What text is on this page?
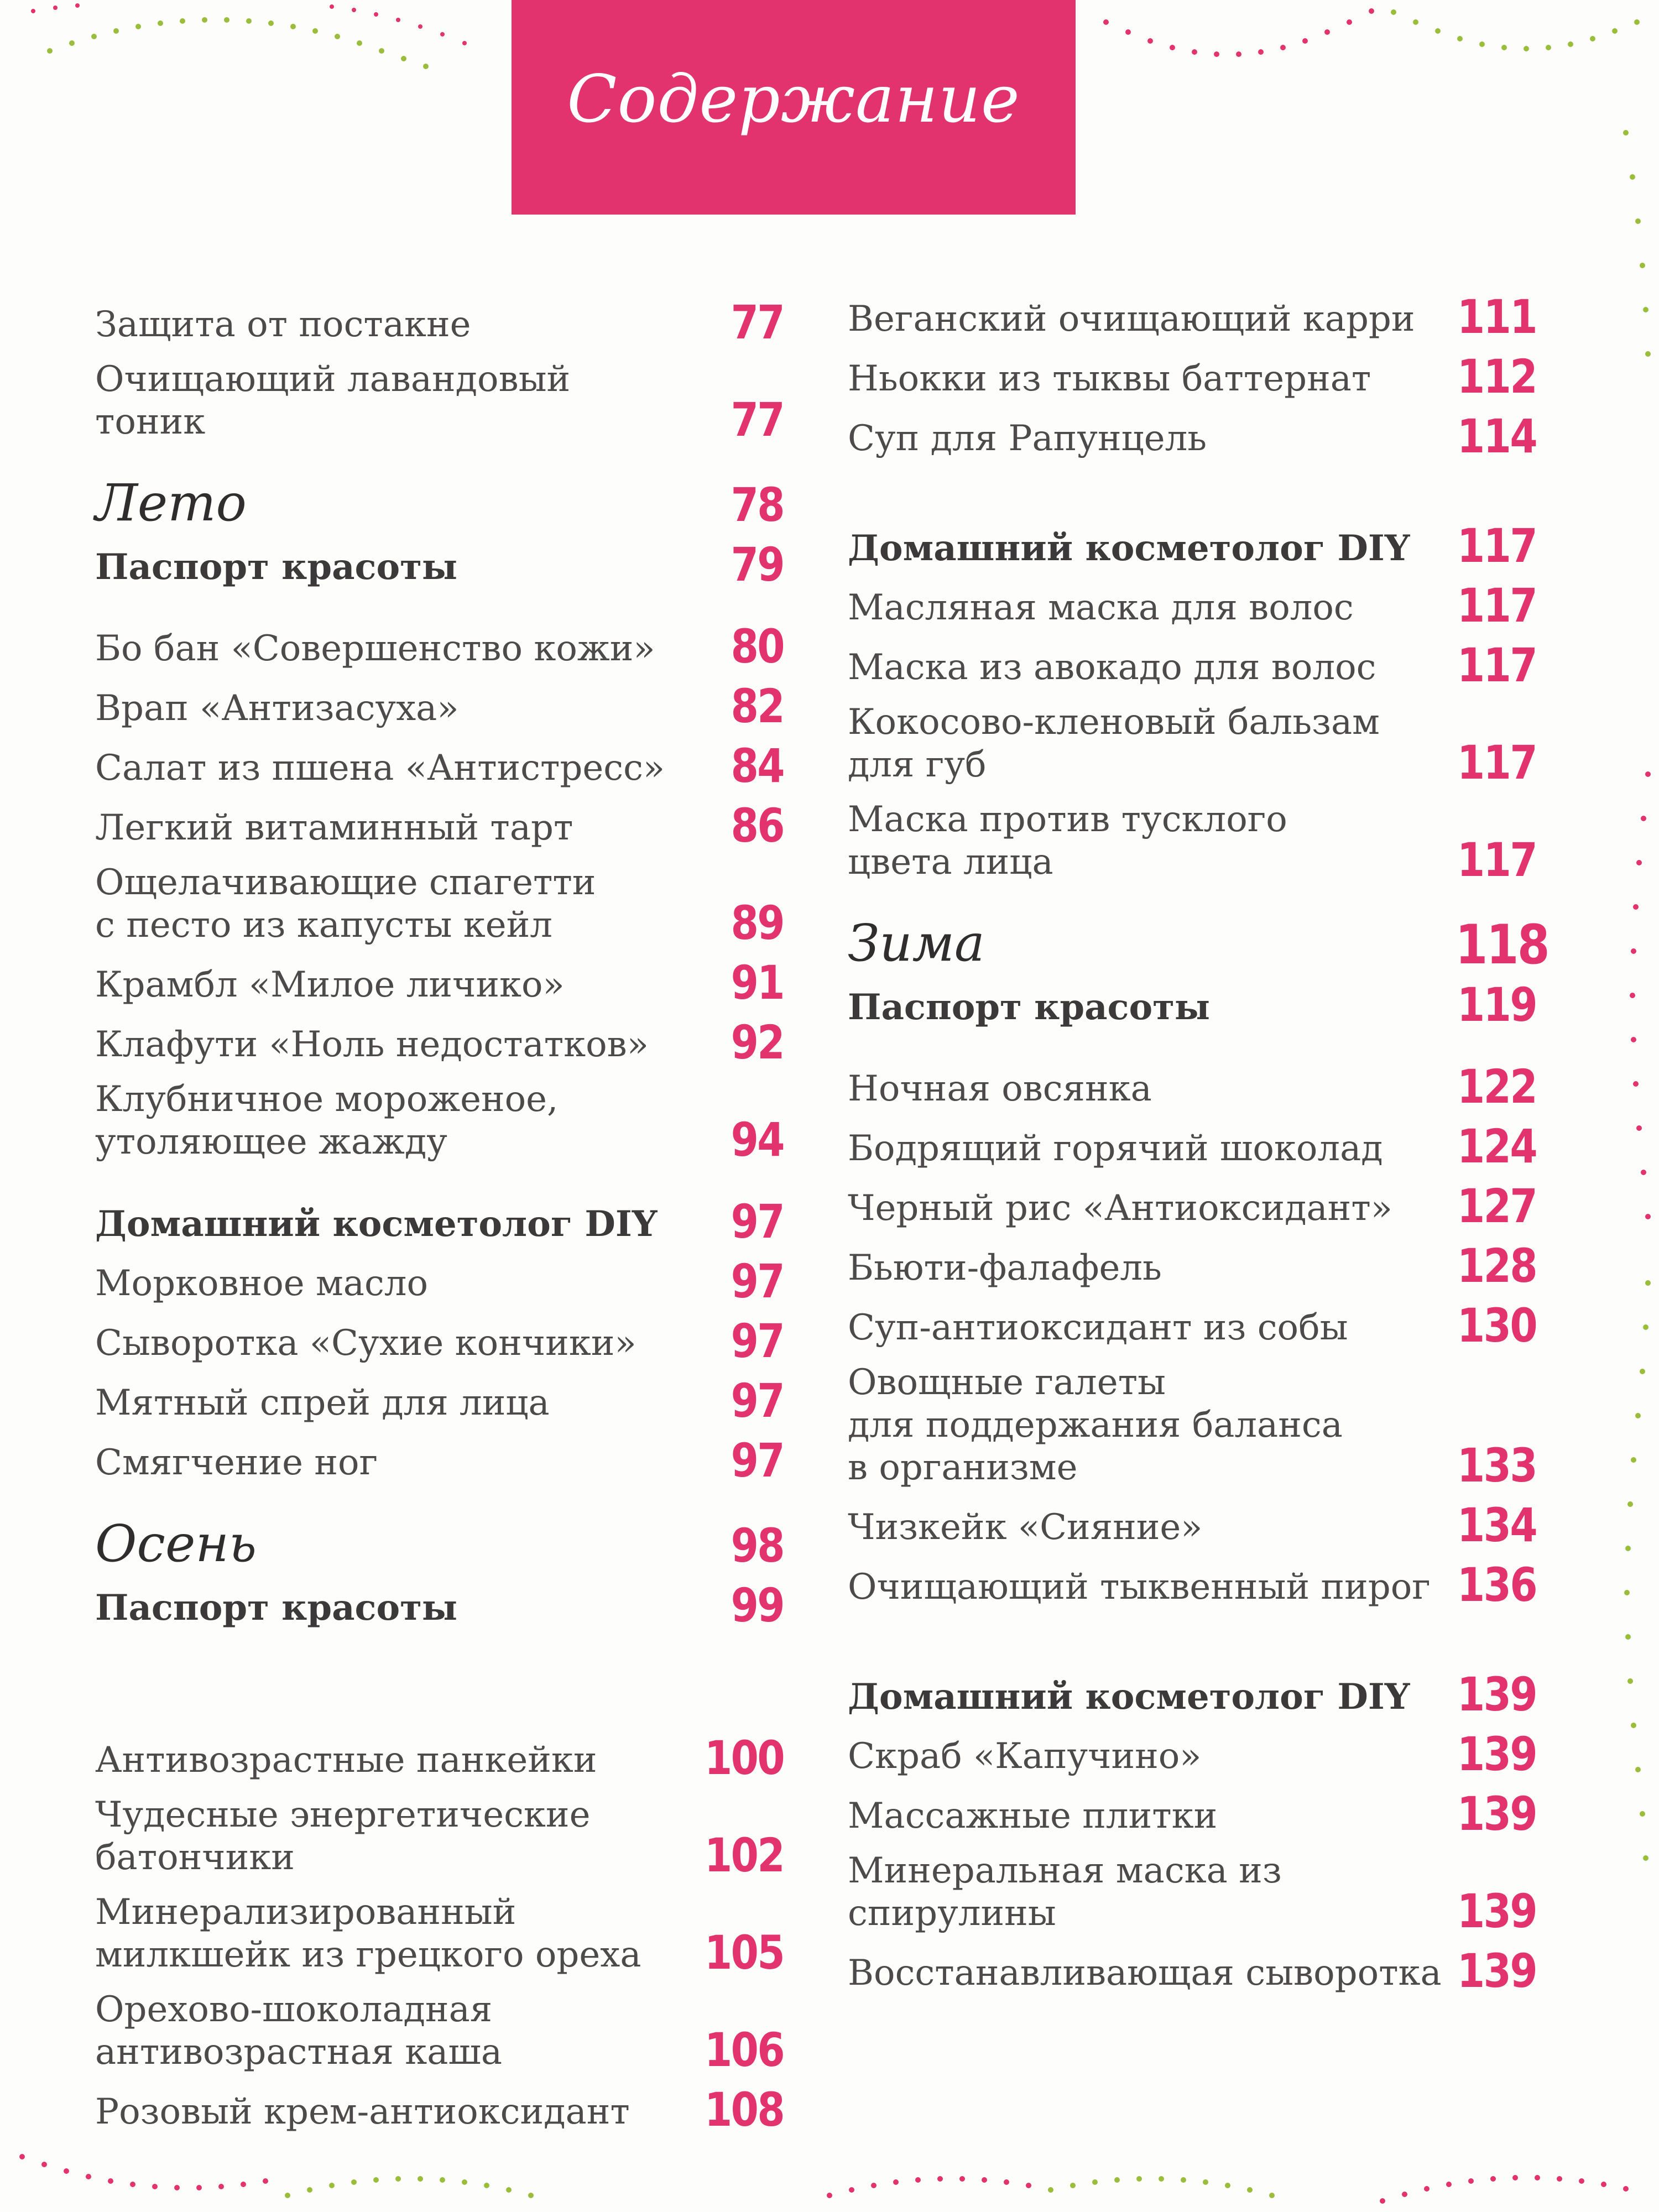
Содержание
Защита от постакне	77
Очищающий лавандовый тоник	77
Лето	78
Паспорт красоты	79
Бо бан «Совершенство кожи»	80
Врап «Антизасуха»	82
Салат из пшена «Антистресс»	84
Легкий витаминный тарт	86
Ощелачивающие спагетти
с песто из капусты кейл	89
Крамбл «Милое личико»	91
Клафути «Ноль недостатков»	92
Клубничное мороженое,
утоляющее жажду	94
Домашний косметолог DIY	97
Морковное масло	97
Сыворотка «Сухие кончики»	97
Мятный спрей для лица	97
Смягчение ног	97
Осень	98
Паспорт красоты	99
Антивозрастные панкейки	100
Чудесные энергетические
батончики	102
Минерализированный
милкшейк из грецкого ореха	105
Орехово-шоколадная
антивозрастная каша	106
Розовый крем-антиоксидант	108
Веганский очищающий карри 111
Ньокки из тыквы баттернат	112
Суп для Рапунцель	114
Домашний косметолог DIY	117
Масляная маска для волос	117
Маска из авокадо для волос	117
Кокосово-кленовый бальзам
для губ	117
Маска против тусклого
цвета лица	117
Зима	118
Паспорт красоты	119
Ночная овсянка	122
Бодрящий горячий шоколад	124
Черный рис «Антиоксидант»	127
Бьюти-фалафель	128
Суп-антиоксидант из собы	130
Овощные галеты
для поддержания баланса
в организме	133
Чизкейк «Сияние»	134
Очищающий тыквенный пирог 136
Домашний косметолог DIY	139
Скраб «Капучино»	139
Массажные плитки	139
Минеральная маска из спирулины	139
Восстанавливающая сыворотка 139
